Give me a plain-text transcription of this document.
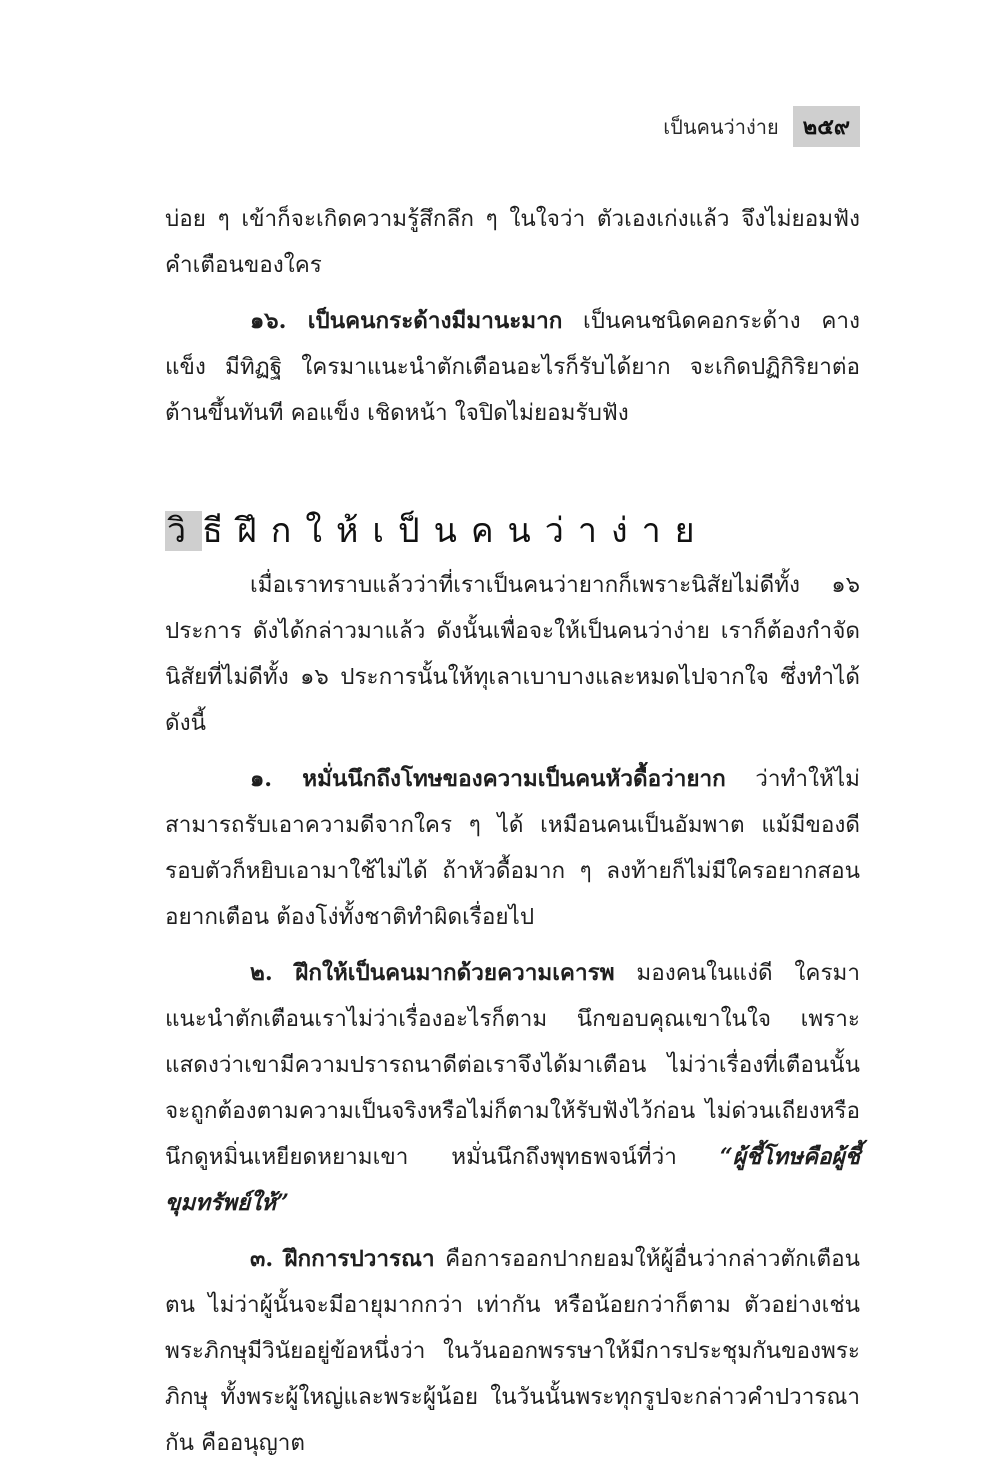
เป็นคนว่าง่าย	๒๕๙

บ่อย ๆ เข้าก็จะเกิดความรู้สึกลึก ๆ ในใจว่า ตัวเองเก่งแล้ว จึงไม่ยอมฟังคำเตือนของใคร

๑๖. เป็นคนกระด้างมีมานะมาก เป็นคนชนิดคอกระด้าง คางแข็ง มีทิฏฐิ ใครมาแนะนำตักเตือนอะไรก็รับได้ยาก จะเกิดปฏิกิริยาต่อต้านขึ้นทันที คอแข็ง เชิดหน้า ใจปิดไม่ยอมรับฟัง

วิธีฝึกให้เป็นคนว่าง่าย

เมื่อเราทราบแล้วว่าที่เราเป็นคนว่ายากก็เพราะนิสัยไม่ดีทั้ง ๑๖ ประการ ดังได้กล่าวมาแล้ว ดังนั้นเพื่อจะให้เป็นคนว่าง่าย เราก็ต้องกำจัดนิสัยที่ไม่ดีทั้ง ๑๖ ประการนั้นให้ทุเลาเบาบางและหมดไปจากใจ ซึ่งทำได้ดังนี้

๑. หมั่นนึกถึงโทษของความเป็นคนหัวดื้อว่ายาก ว่าทำให้ไม่สามารถรับเอาความดีจากใคร ๆ ได้ เหมือนคนเป็นอัมพาต แม้มีของดีรอบตัวก็หยิบเอามาใช้ไม่ได้ ถ้าหัวดื้อมาก ๆ ลงท้ายก็ไม่มีใครอยากสอนอยากเตือน ต้องโง่ทั้งชาติทำผิดเรื่อยไป

๒. ฝึกให้เป็นคนมากด้วยความเคารพ มองคนในแง่ดี ใครมาแนะนำตักเตือนเราไม่ว่าเรื่องอะไรก็ตาม นึกขอบคุณเขาในใจ เพราะแสดงว่าเขามีความปรารถนาดีต่อเราจึงได้มาเตือน ไม่ว่าเรื่องที่เตือนนั้นจะถูกต้องตามความเป็นจริงหรือไม่ก็ตามให้รับฟังไว้ก่อน ไม่ด่วนเถียงหรือนึกดูหมิ่นเหยียดหยามเขา หมั่นนึกถึงพุทธพจน์ที่ว่า “ผู้ชี้โทษคือผู้ชี้ขุมทรัพย์ให้”

๓. ฝึกการปวารณา คือการออกปากยอมให้ผู้อื่นว่ากล่าวตักเตือนตน ไม่ว่าผู้นั้นจะมีอายุมากกว่า เท่ากัน หรือน้อยกว่าก็ตาม ตัวอย่างเช่น พระภิกษุมีวินัยอยู่ข้อหนึ่งว่า ในวันออกพรรษาให้มีการประชุมกันของพระภิกษุ ทั้งพระผู้ใหญ่และพระผู้น้อย ในวันนั้นพระทุกรูปจะกล่าวคำปวารณากัน คืออนุญาต
